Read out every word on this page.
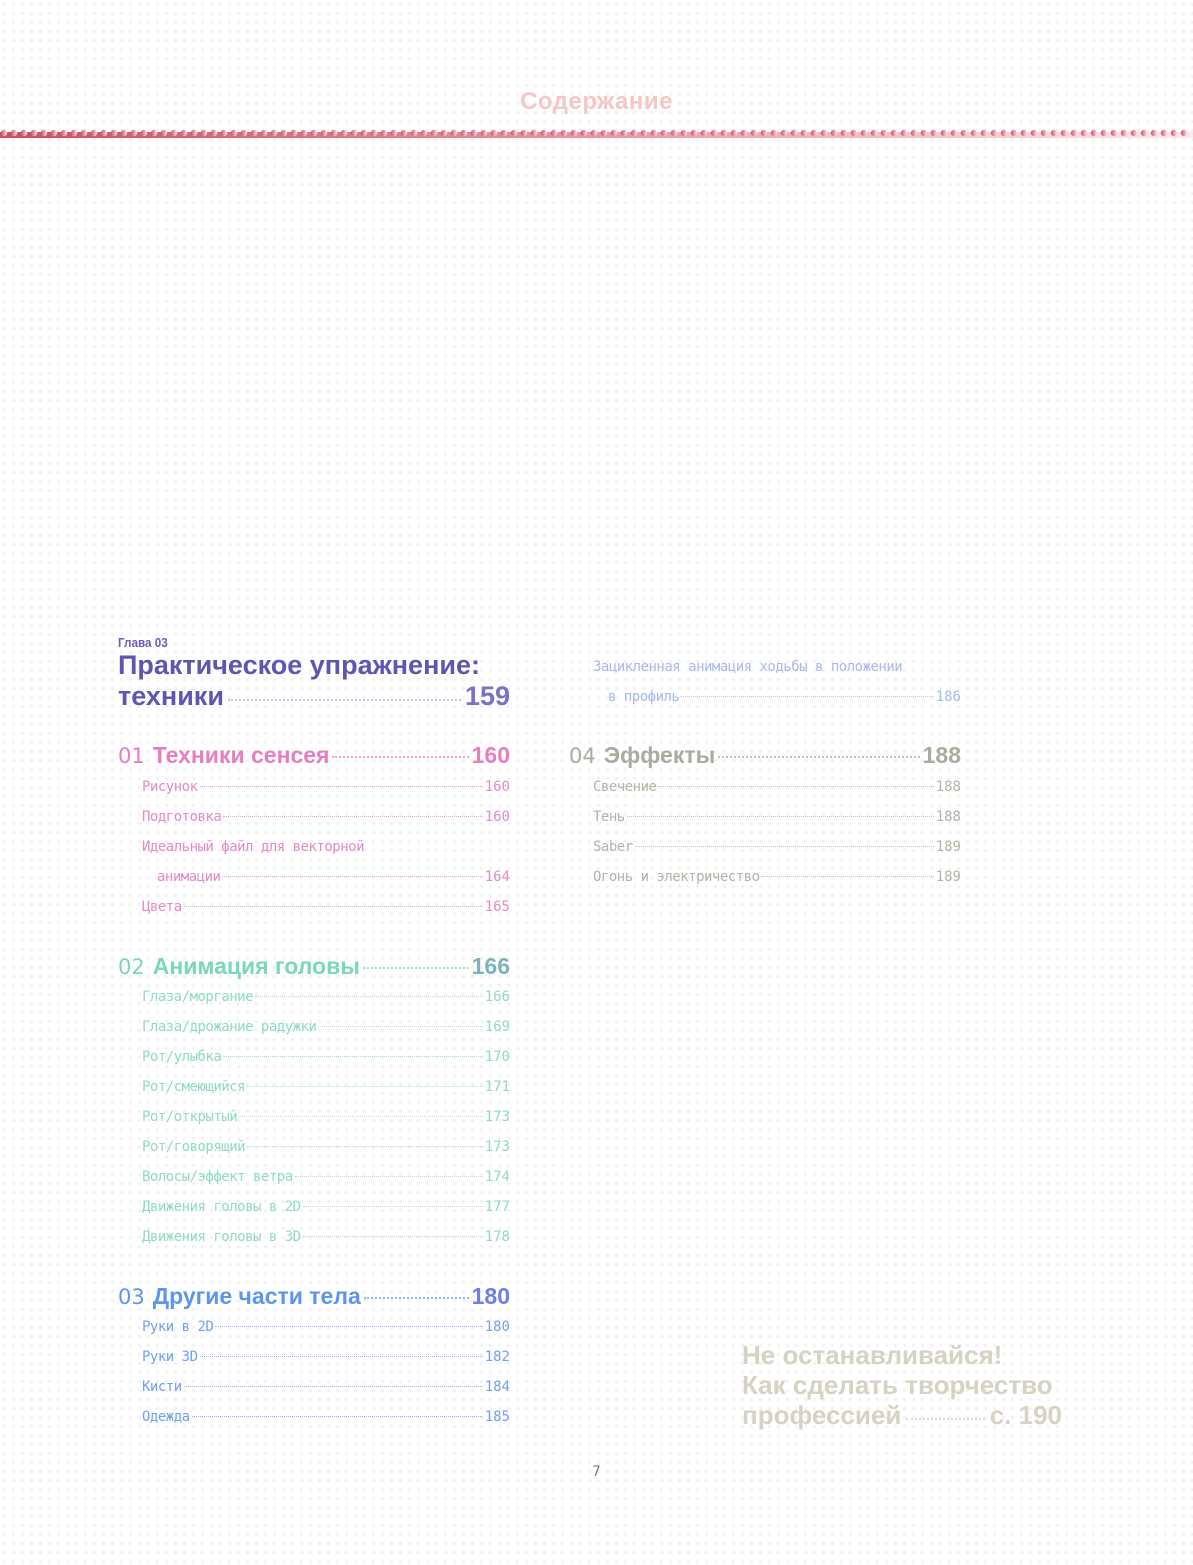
Содержание
Глава 03
Практическое упражнение:
техники	159
01 Техники сенсея	160
Рисунок	160
Подготовка	160
Идеальный файл для векторной
анимации	164
Цвета	165
02 Анимация головы	166
Глаза/моргание	166
Глаза/дрожание радужки	169
Рот/улыбка	170
Рот/смеющийся	171
Рот/открытый	173
Рот/говорящий	173
Волосы/эффект ветра	174
Движения головы в 2D	177
Движения головы в 3D	178
03 Другие части тела	180
Руки в 2D	180
Руки 3D	182
Кисти	184
Одежда	185
Зацикленная анимация ходьбы в положении
в профиль	186
04 Эффекты	188
Свечение	188
Тень	188
Saber	189
Огонь и электричество	189
Не останавливайся!
Как сделать творчество
профессией	с. 190
7
